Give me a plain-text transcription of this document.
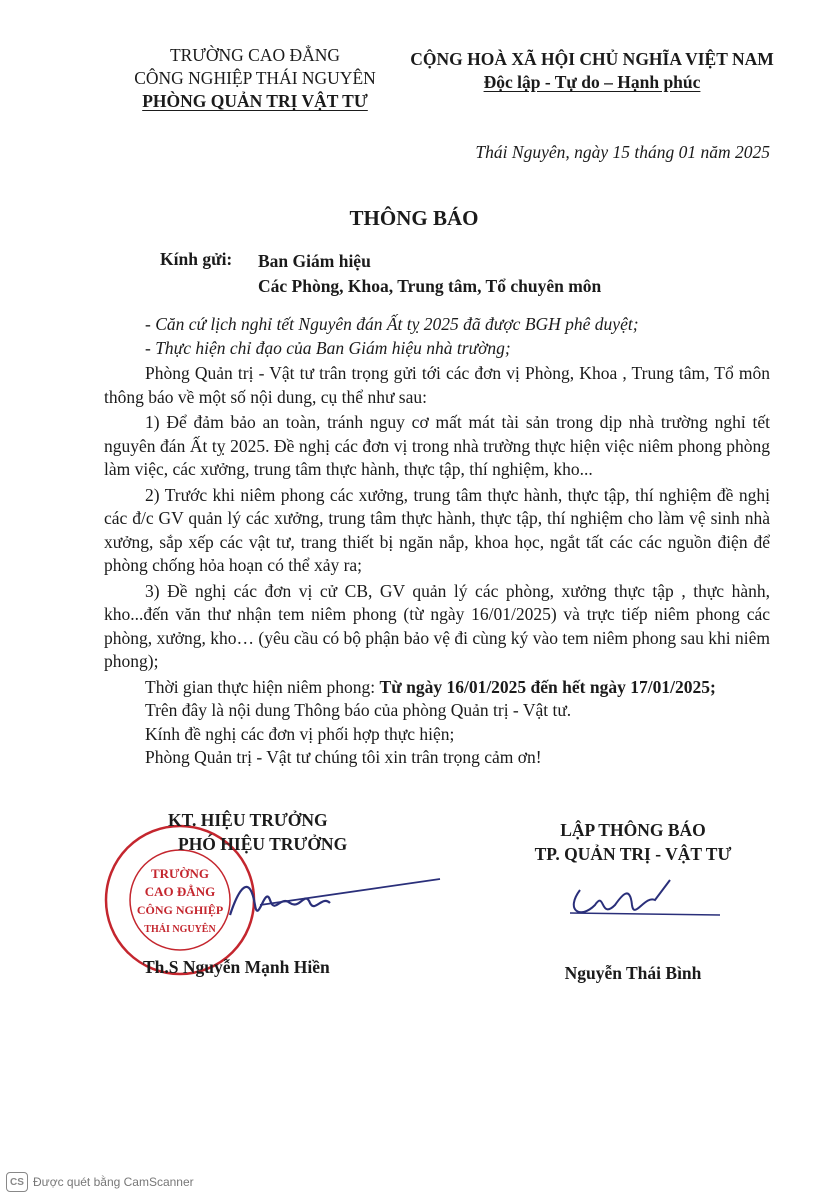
TRƯỜNG CAO ĐẲNG
CÔNG NGHIỆP THÁI NGUYÊN
PHÒNG QUẢN TRỊ VẬT TƯ
CỘNG HOÀ XÃ HỘI CHỦ NGHĨA VIỆT NAM
Độc lập - Tự do – Hạnh phúc
Thái Nguyên, ngày 15 tháng 01 năm 2025
THÔNG BÁO
Kính gửi: Ban Giám hiệu
Các Phòng, Khoa, Trung tâm, Tổ chuyên môn

- Căn cứ lịch nghỉ tết Nguyên đán Ất tỵ 2025 đã được BGH phê duyệt;

- Thực hiện chỉ đạo của Ban Giám hiệu nhà trường;

Phòng Quản trị - Vật tư trân trọng gửi tới các đơn vị Phòng, Khoa , Trung tâm, Tổ môn thông báo về một số nội dung, cụ thể như sau:

1) Để đảm bảo an toàn, tránh nguy cơ mất mát tài sản trong dịp nhà trường nghỉ tết nguyên đán Ất tỵ 2025. Đề nghị các đơn vị trong nhà trường thực hiện việc niêm phong phòng làm việc, các xưởng, trung tâm thực hành, thực tập, thí nghiệm, kho...

2) Trước khi niêm phong các xưởng, trung tâm thực hành, thực tập, thí nghiệm đề nghị các đ/c GV quản lý các xưởng, trung tâm thực hành, thực tập, thí nghiệm cho làm vệ sinh nhà xưởng, sắp xếp các vật tư, trang thiết bị ngăn nắp, khoa học, ngắt tất các các nguồn điện để phòng chống hỏa hoạn có thể xảy ra;

3) Đề nghị các đơn vị cử CB, GV quản lý các phòng, xưởng thực tập , thực hành, kho...đến văn thư nhận tem niêm phong (từ ngày 16/01/2025) và trực tiếp niêm phong các phòng, xưởng, kho… (yêu cầu có bộ phận bảo vệ đi cùng ký vào tem niêm phong sau khi niêm phong);

Thời gian thực hiện niêm phong: Từ ngày 16/01/2025 đến hết ngày 17/01/2025;

Trên đây là nội dung Thông báo của phòng Quản trị - Vật tư.

Kính đề nghị các đơn vị phối hợp thực hiện;

Phòng Quản trị - Vật tư chúng tôi xin trân trọng cảm ơn!

TRƯỜNG
CAO ĐẲNG
CÔNG NGHIỆP
THÁI NGUYÊN
KT. HIỆU TRƯỞNG
PHÓ HIỆU TRƯỞNG
Th.S Nguyễn Mạnh Hiền
LẬP THÔNG BÁO
TP. QUẢN TRỊ - VẬT TƯ
Nguyễn Thái Bình
CS Được quét bằng CamScanner
